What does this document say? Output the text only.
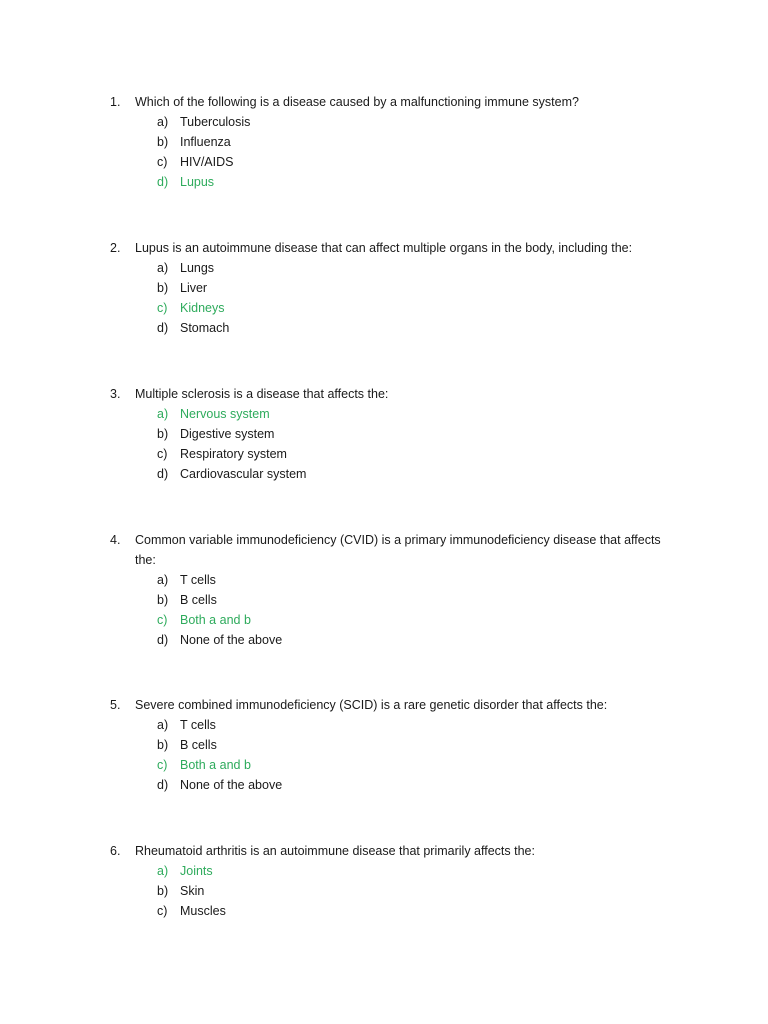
1.	Which of the following is a disease caused by a malfunctioning immune system?
a) Tuberculosis
b) Influenza
c)	HIV/AIDS
d) Lupus
2.	Lupus is an autoimmune disease that can affect multiple organs in the body, including the:
a) Lungs
b) Liver
c)	Kidneys
d) Stomach
3.	Multiple sclerosis is a disease that affects the:
a) Nervous system
b) Digestive system
c)	Respiratory system
d) Cardiovascular system
4.	Common variable immunodeficiency (CVID) is a primary immunodeficiency disease that affects the:
a) T cells
b) B cells
c)	Both a and b
d) None of the above
5.	Severe combined immunodeficiency (SCID) is a rare genetic disorder that affects the:
a) T cells
b) B cells
c)	Both a and b
d) None of the above
6.	Rheumatoid arthritis is an autoimmune disease that primarily affects the:
a) Joints
b) Skin
c)	Muscles
